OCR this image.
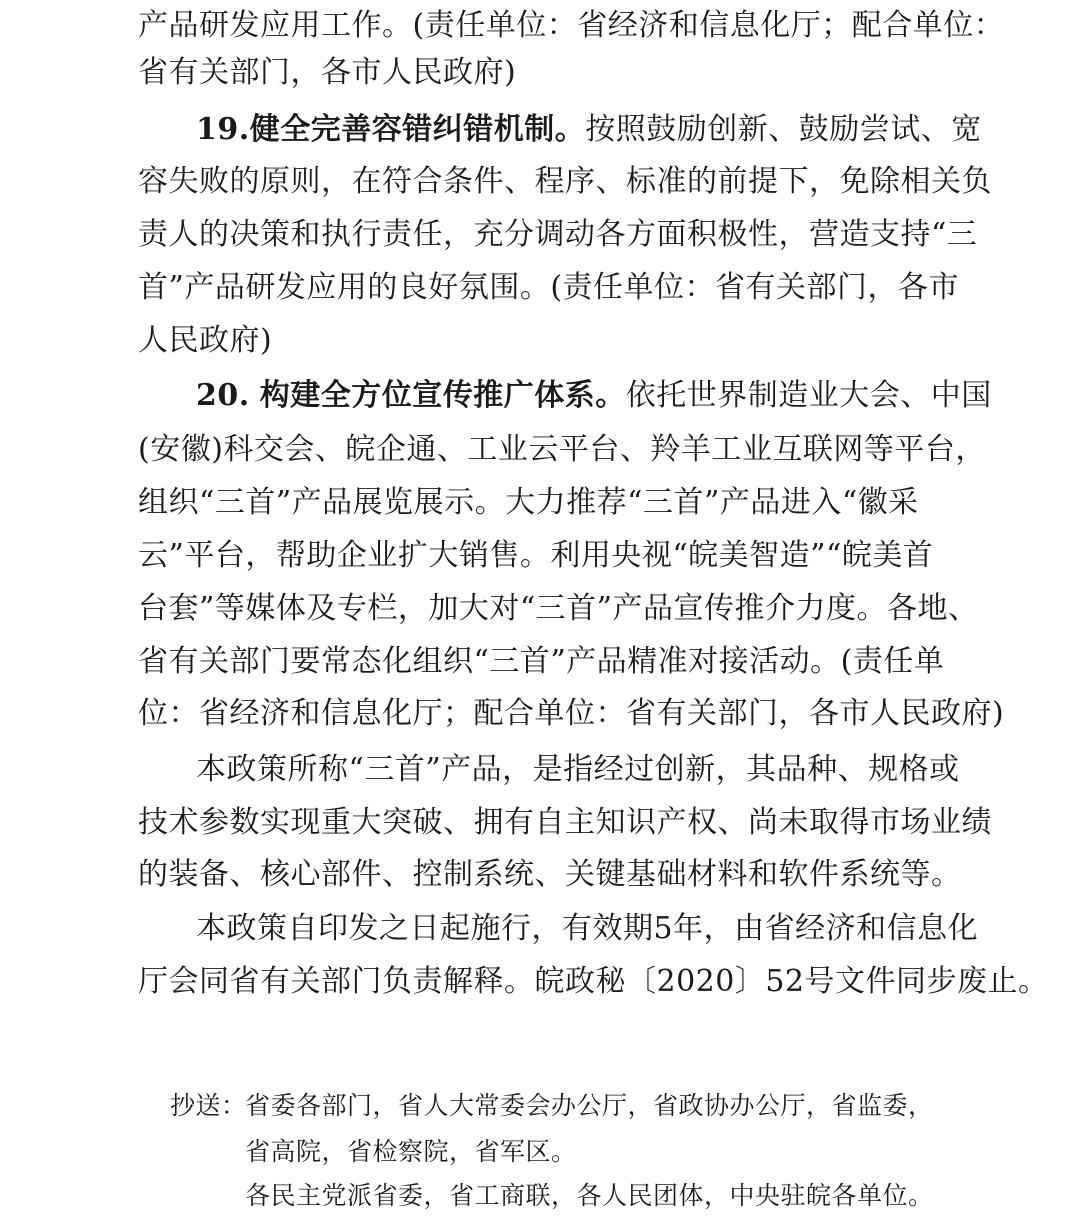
产品研发应用工作。(责任单位：省经济和信息化厅；配合单位：
省有关部门，各市人民政府)
19.健全完善容错纠错机制。按照鼓励创新、鼓励尝试、宽
容失败的原则，在符合条件、程序、标准的前提下，免除相关负
责人的决策和执行责任，充分调动各方面积极性，营造支持“三
首”产品研发应用的良好氛围。(责任单位：省有关部门，各市
人民政府)
20. 构建全方位宣传推广体系。依托世界制造业大会、中国
(安徽)科交会、皖企通、工业云平台、羚羊工业互联网等平台，
组织“三首”产品展览展示。大力推荐“三首”产品进入“徽采
云”平台，帮助企业扩大销售。利用央视“皖美智造”“皖美首
台套”等媒体及专栏，加大对“三首”产品宣传推介力度。各地、
省有关部门要常态化组织“三首”产品精准对接活动。(责任单
位：省经济和信息化厅；配合单位：省有关部门，各市人民政府)
本政策所称“三首”产品，是指经过创新，其品种、规格或
技术参数实现重大突破、拥有自主知识产权、尚未取得市场业绩
的装备、核心部件、控制系统、关键基础材料和软件系统等。
本政策自印发之日起施行，有效期5年，由省经济和信息化
厅会同省有关部门负责解释。皖政秘〔2020〕52号文件同步废止。
抄送：
省委各部门，省人大常委会办公厅，省政协办公厅，省监委，
省高院，省检察院，省军区。
各民主党派省委，省工商联，各人民团体，中央驻皖各单位。
